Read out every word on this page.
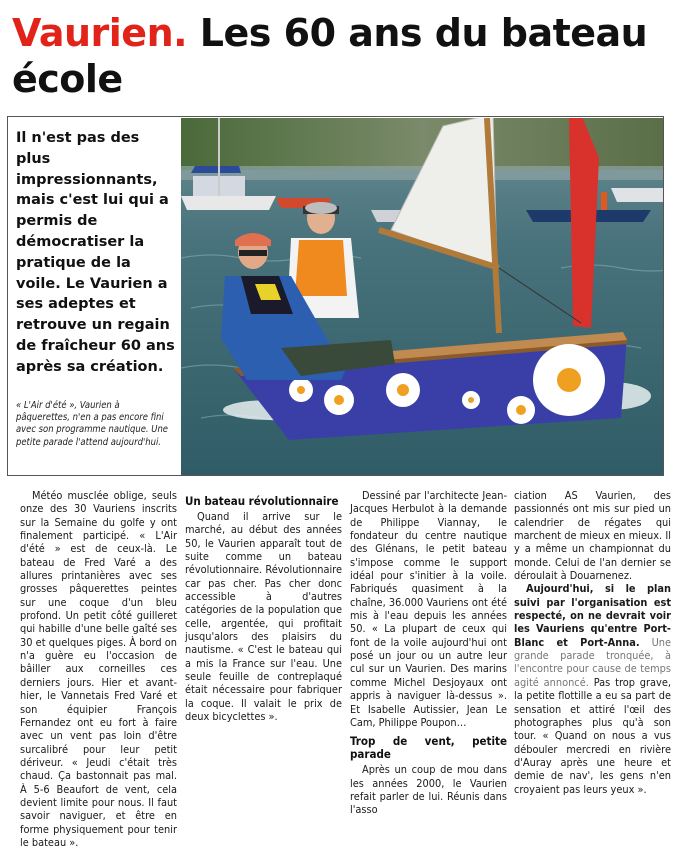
Vaurien. Les 60 ans du bateau école

Il n'est pas des plus impressionnants, mais c'est lui qui a permis de démocratiser la pratique de la voile. Le Vaurien a ses adeptes et retrouve un regain de fraîcheur 60 ans après sa création.

« L'Air d'été », Vaurien à pâquerettes, n'en a pas encore fini avec son programme nautique. Une petite parade l'attend aujourd'hui.

Météo musclée oblige, seuls onze des 30 Vauriens inscrits sur la Semaine du golfe y ont finalement participé. « L'Air d'été » est de ceux-là. Le bateau de Fred Varé a des allures printanières avec ses grosses pâquerettes peintes sur une coque d'un bleu profond. Un petit côté guilleret qui habille d'une belle gaîté ses 30 et quelques piges. À bord on n'a guère eu l'occasion de bâiller aux corneilles ces derniers jours. Hier et avant-hier, le Vannetais Fred Varé et son équipier François Fernandez ont eu fort à faire avec un vent pas loin d'être surcalibré pour leur petit dériveur. « Jeudi c'était très chaud. Ça bastonnait pas mal. À 5-6 Beaufort de vent, cela devient limite pour nous. Il faut savoir naviguer, et être en forme physiquement pour tenir le bateau ».

Un bateau révolutionnaire

Quand il arrive sur le marché, au début des années 50, le Vaurien apparaît tout de suite comme un bateau révolutionnaire. Révolutionnaire car pas cher. Pas cher donc accessible à d'autres catégories de la population que celle, argentée, qui profitait jusqu'alors des plaisirs du nautisme. « C'est le bateau qui a mis la France sur l'eau. Une seule feuille de contreplaqué était nécessaire pour fabriquer la coque. Il valait le prix de deux bicyclettes ».

Dessiné par l'architecte Jean-Jacques Herbulot à la demande de Philippe Viannay, le fondateur du centre nautique des Glénans, le petit bateau s'impose comme le support idéal pour s'initier à la voile. Fabriqués quasiment à la chaîne, 36.000 Vauriens ont été mis à l'eau depuis les années 50. « La plupart de ceux qui font de la voile aujourd'hui ont posé un jour ou un autre leur cul sur un Vaurien. Des marins comme Michel Desjoyaux ont appris à naviguer là-dessus ». Et Isabelle Autissier, Jean Le Cam, Philippe Poupon…

Trop de vent, petite parade

Après un coup de mou dans les années 2000, le Vaurien refait parler de lui. Réunis dans l'asso

ciation AS Vaurien, des passionnés ont mis sur pied un calendrier de régates qui marchent de mieux en mieux. Il y a même un championnat du monde. Celui de l'an dernier se déroulait à Douarnenez.

Aujourd'hui, si le plan suivi par l'organisation est respecté, on ne devrait voir les Vauriens qu'entre Port-Blanc et Port-Anna. Une grande parade tronquée, à l'encontre pour cause de temps agité annoncé. Pas trop grave, la petite flottille a eu sa part de sensation et attiré l'œil des photographes plus qu'à son tour. « Quand on nous a vus débouler mercredi en rivière d'Auray après une heure et demie de nav', les gens n'en croyaient pas leurs yeux ».
